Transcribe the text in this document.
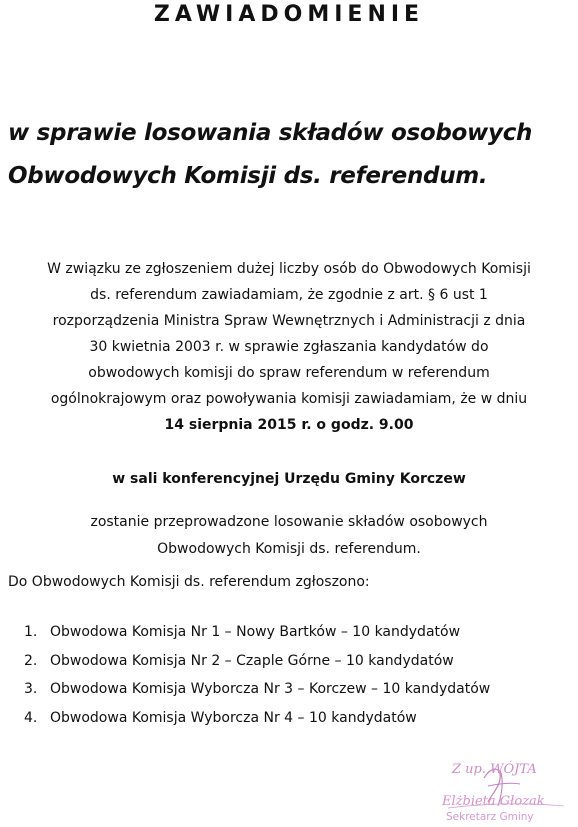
ZAWIADOMIENIE
w sprawie losowania składów osobowych
Obwodowych Komisji ds. referendum.
W związku ze zgłoszeniem dużej liczby osób do Obwodowych Komisji
ds. referendum zawiadamiam, że zgodnie z art. § 6 ust 1
rozporządzenia Ministra Spraw Wewnętrznych i Administracji z dnia
30 kwietnia 2003 r. w sprawie zgłaszania kandydatów do
obwodowych komisji do spraw referendum w referendum
ogólnokrajowym oraz powoływania komisji zawiadamiam, że w dniu
14 sierpnia 2015 r. o godz. 9.00
w sali konferencyjnej Urzędu Gminy Korczew
zostanie przeprowadzone losowanie składów osobowych
Obwodowych Komisji ds. referendum.
Do Obwodowych Komisji ds. referendum zgłoszono:
1. Obwodowa Komisja Nr 1 – Nowy Bartków – 10 kandydatów
2. Obwodowa Komisja Nr 2 – Czaple Górne – 10 kandydatów
3. Obwodowa Komisja Wyborcza Nr 3 – Korczew – 10 kandydatów
4. Obwodowa Komisja Wyborcza Nr 4 – 10 kandydatów
Z up. WÓJTA
Elżbieta Głozak
Sekretarz Gminy
